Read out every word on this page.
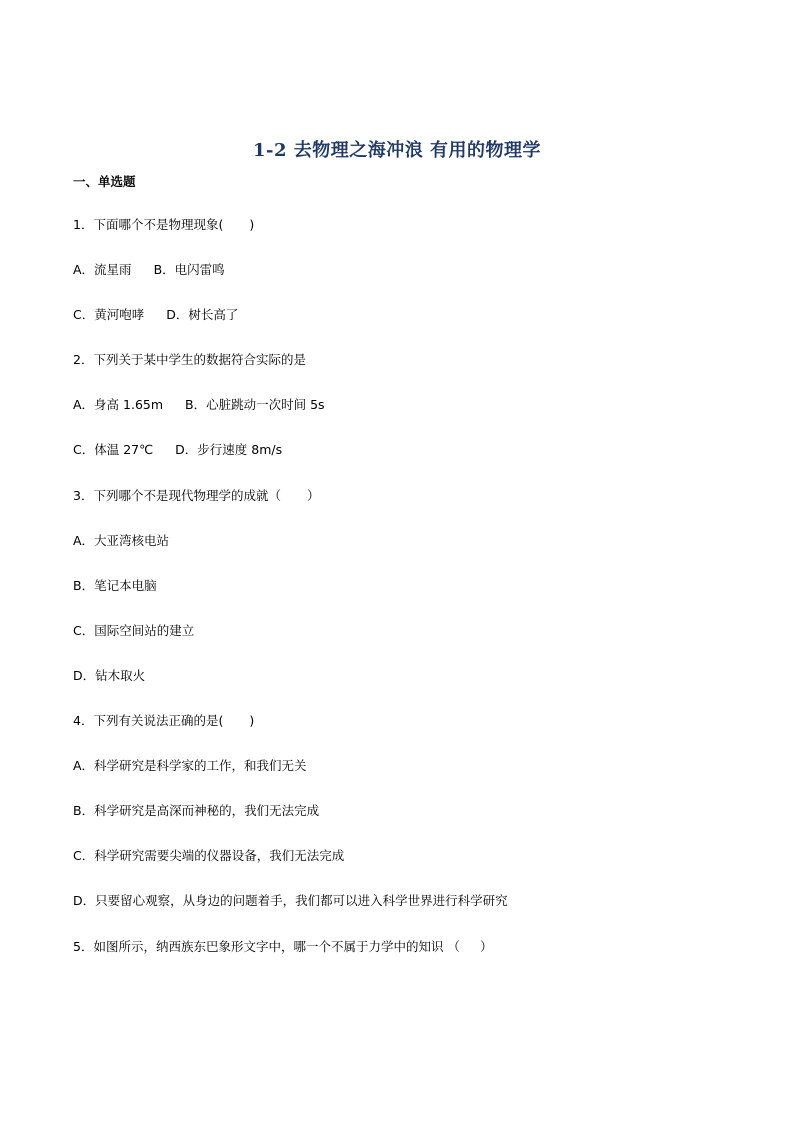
1-2 去物理之海冲浪 有用的物理学
一、单选题
1．下面哪个不是物理现象( )
A．流星雨 B．电闪雷鸣
C．黄河咆哮 D．树长高了
2．下列关于某中学生的数据符合实际的是
A．身高 1.65m B．心脏跳动一次时间 5s
C．体温 27℃ D．步行速度 8m/s
3．下列哪个不是现代物理学的成就（ ）
A．大亚湾核电站
B．笔记本电脑
C．国际空间站的建立
D．钻木取火
4．下列有关说法正确的是( )
A．科学研究是科学家的工作，和我们无关
B．科学研究是高深而神秘的，我们无法完成
C．科学研究需要尖端的仪器设备，我们无法完成
D．只要留心观察，从身边的问题着手，我们都可以进入科学世界进行科学研究
5．如图所示，纳西族东巴象形文字中，哪一个不属于力学中的知识 （ ）
